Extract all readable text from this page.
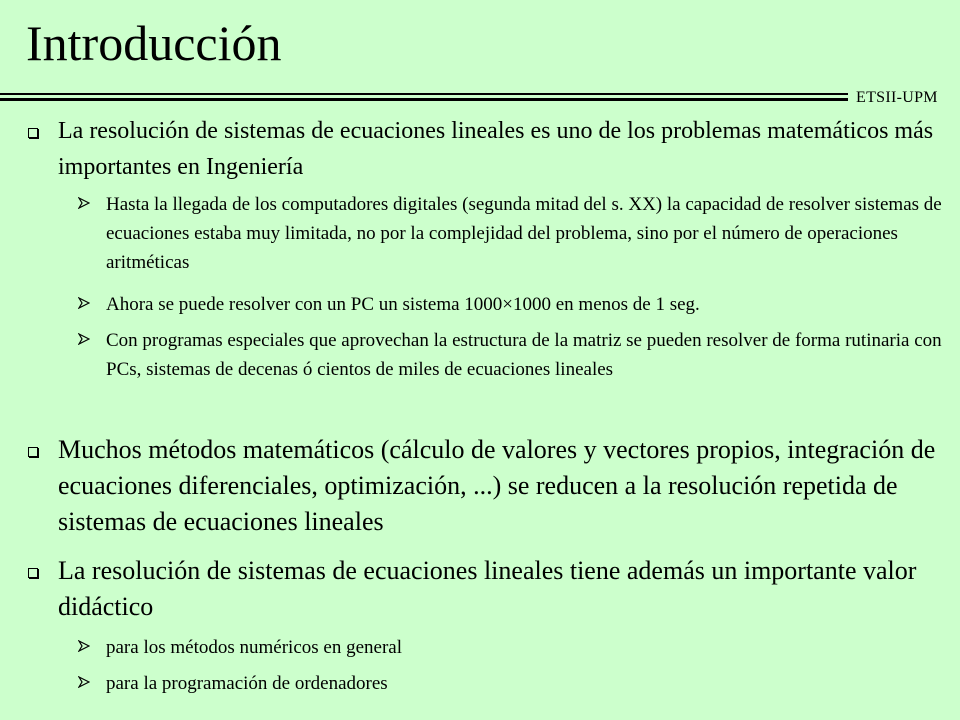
Introducción
ETSII-UPM
La resolución de sistemas de ecuaciones lineales es uno de los problemas matemáticos más importantes en Ingeniería
Hasta la llegada de los computadores digitales (segunda mitad del s. XX) la capacidad de resolver sistemas de ecuaciones estaba muy limitada, no por la complejidad del problema, sino por el número de operaciones aritméticas
Ahora se puede resolver con un PC un sistema 1000×1000 en menos de 1 seg.
Con programas especiales que aprovechan la estructura de la matriz se pueden resolver de forma rutinaria con PCs, sistemas de decenas ó cientos de miles de ecuaciones lineales
Muchos métodos matemáticos (cálculo de valores y vectores propios, integración de ecuaciones diferenciales, optimización, ...) se reducen a la resolución repetida de sistemas de ecuaciones lineales
La resolución de sistemas de ecuaciones lineales tiene además un importante valor didáctico
para los métodos numéricos en general
para la programación de ordenadores
